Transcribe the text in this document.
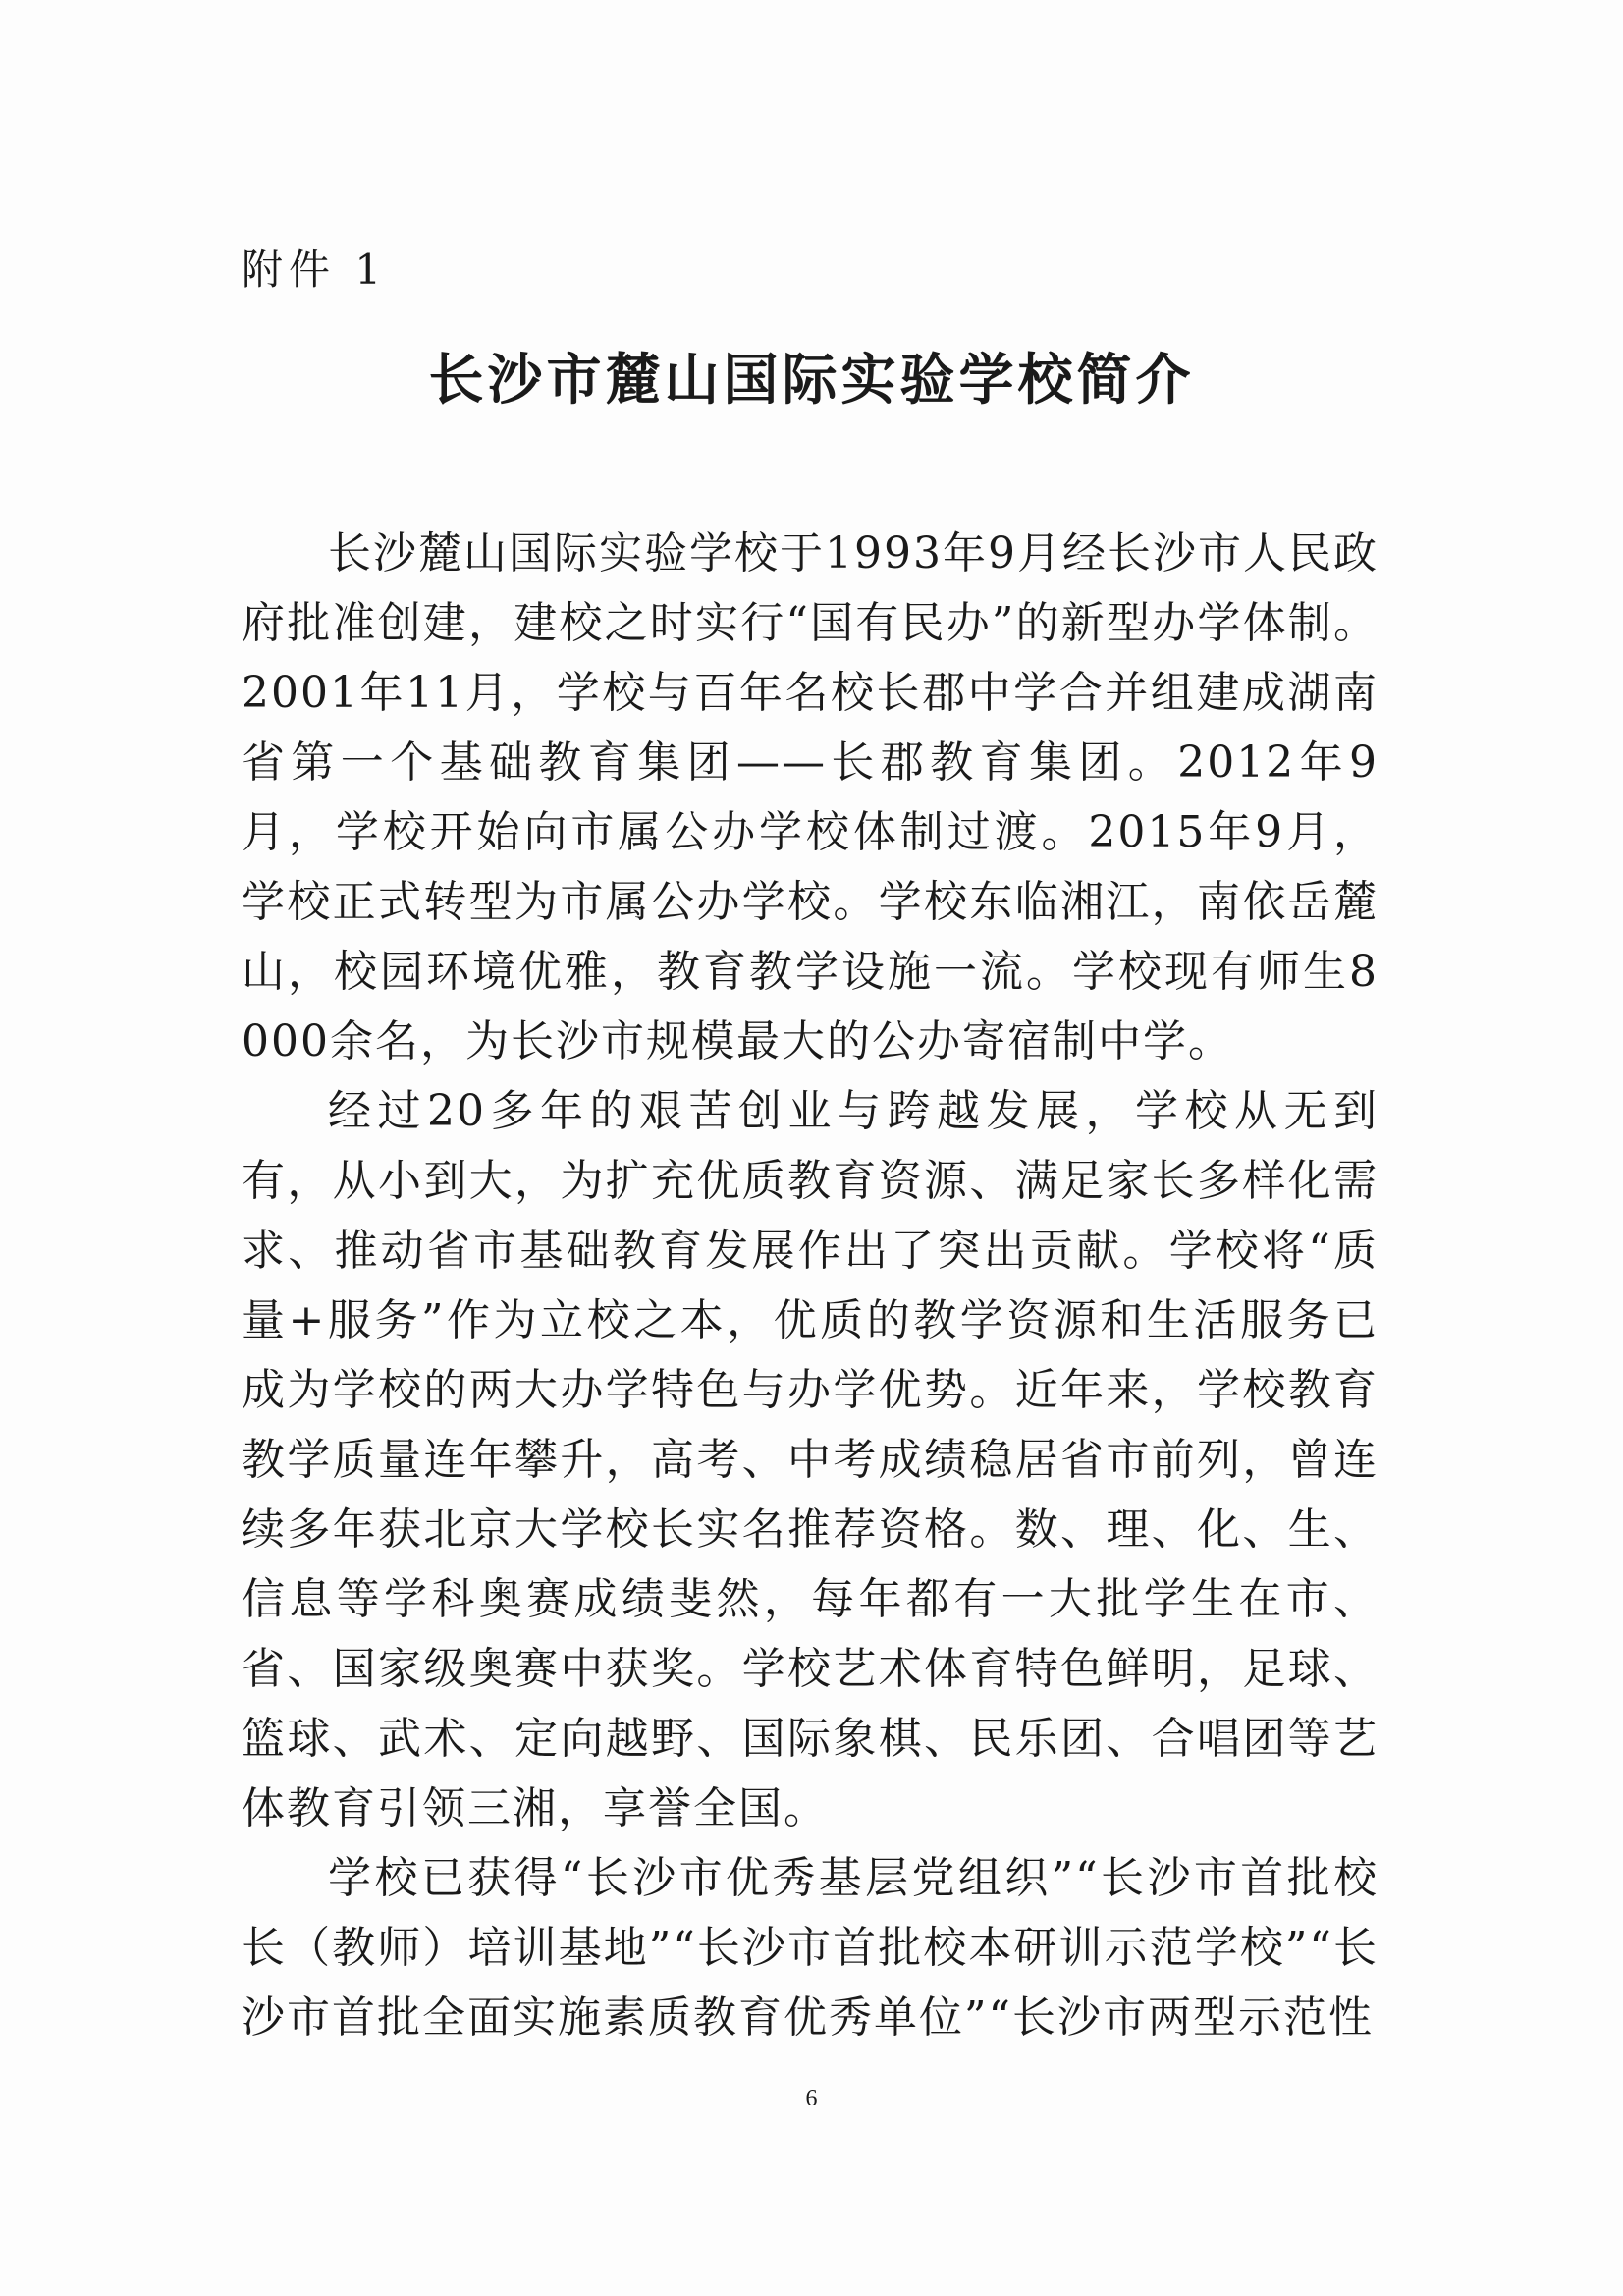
附件 1
长沙市麓山国际实验学校简介

长沙麓山国际实验学校于1993年9月经长沙市人民政府批准创建，建校之时实行“国有民办”的新型办学体制。2001年11月，学校与百年名校长郡中学合并组建成湖南省第一个基础教育集团——长郡教育集团。2012年9月，学校开始向市属公办学校体制过渡。2015年9月，学校正式转型为市属公办学校。学校东临湘江，南依岳麓山，校园环境优雅，教育教学设施一流。学校现有师生8000余名，为长沙市规模最大的公办寄宿制中学。

经过20多年的艰苦创业与跨越发展，学校从无到有，从小到大，为扩充优质教育资源、满足家长多样化需求、推动省市基础教育发展作出了突出贡献。学校将“质量+服务”作为立校之本，优质的教学资源和生活服务已成为学校的两大办学特色与办学优势。近年来，学校教育教学质量连年攀升，高考、中考成绩稳居省市前列，曾连续多年获北京大学校长实名推荐资格。数、理、化、生、信息等学科奥赛成绩斐然，每年都有一大批学生在市、省、国家级奥赛中获奖。学校艺术体育特色鲜明，足球、篮球、武术、定向越野、国际象棋、民乐团、合唱团等艺体教育引领三湘，享誉全国。

学校已获得“长沙市优秀基层党组织”“长沙市首批校长（教师）培训基地”“长沙市首批校本研训示范学校”“长沙市首批全面实施素质教育优秀单位”“长沙市两型示范性

6
